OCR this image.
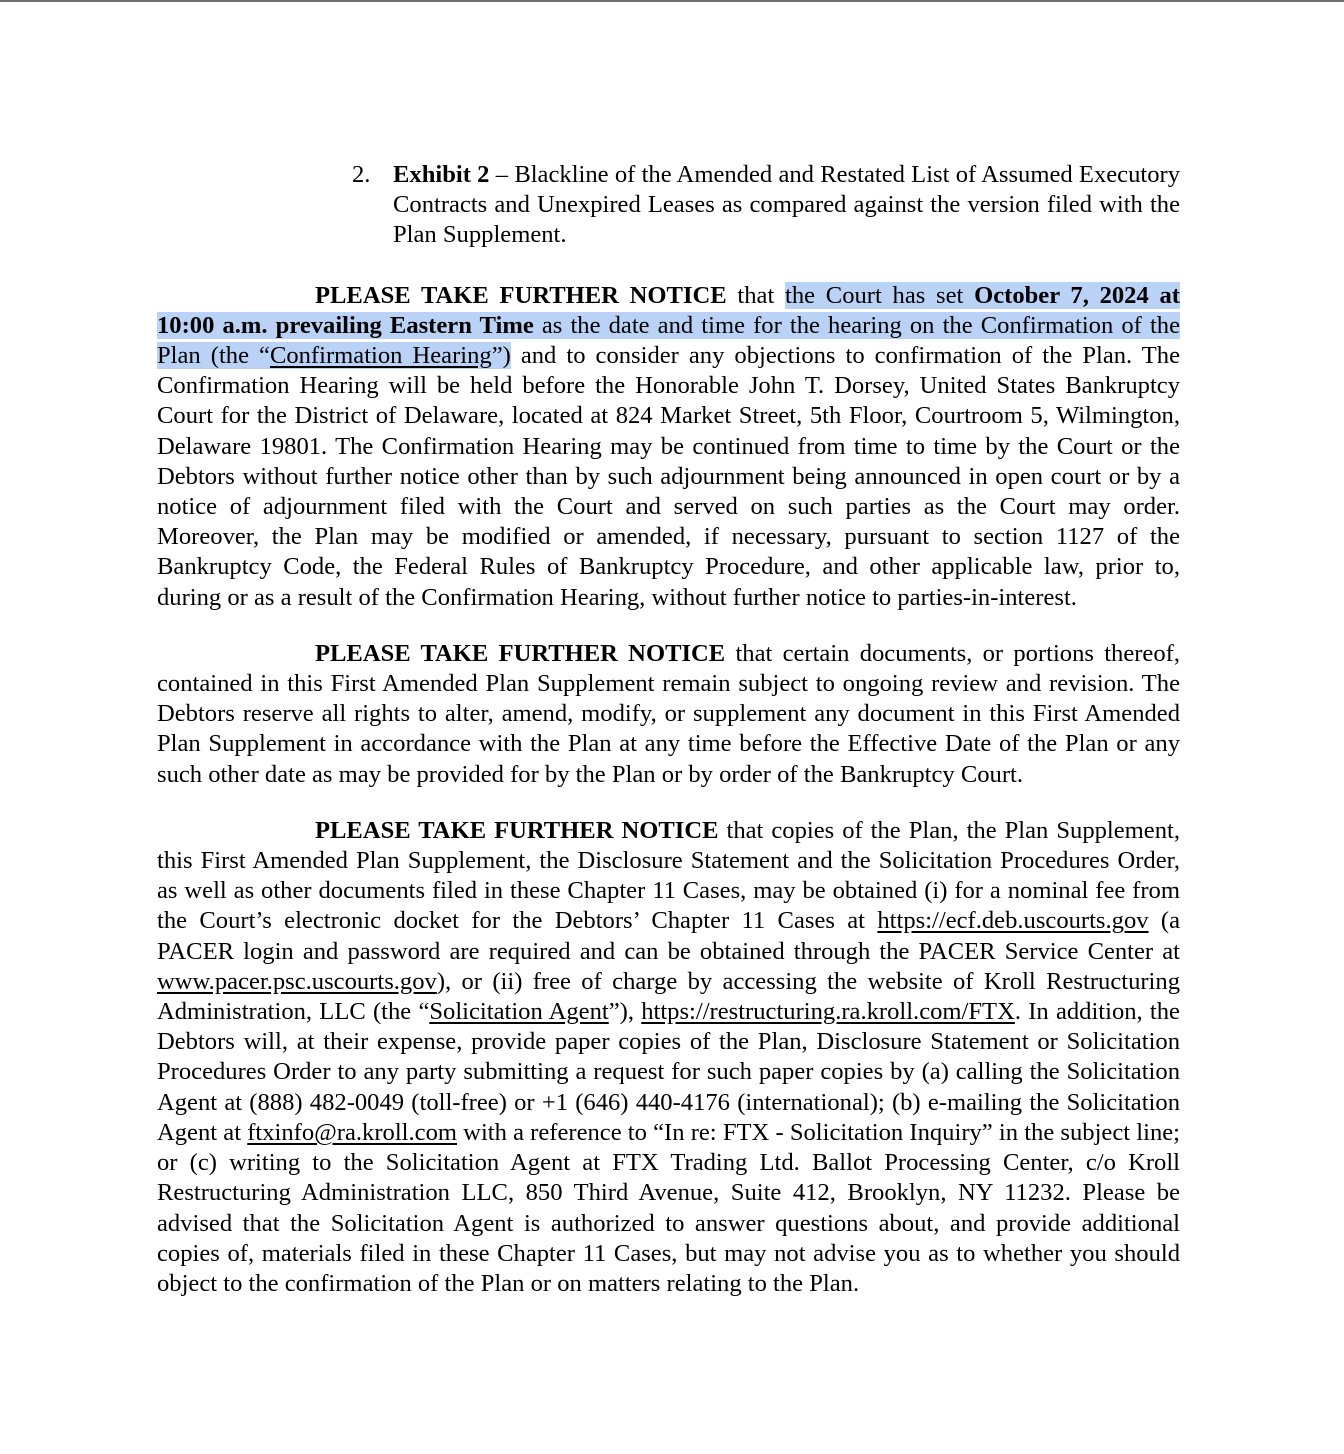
2. Exhibit 2 – Blackline of the Amended and Restated List of Assumed Executory Contracts and Unexpired Leases as compared against the version filed with the Plan Supplement.

PLEASE TAKE FURTHER NOTICE that the Court has set October 7, 2024 at 10:00 a.m. prevailing Eastern Time as the date and time for the hearing on the Confirmation of the Plan (the “Confirmation Hearing”) and to consider any objections to confirmation of the Plan. The Confirmation Hearing will be held before the Honorable John T. Dorsey, United States Bankruptcy Court for the District of Delaware, located at 824 Market Street, 5th Floor, Courtroom 5, Wilmington, Delaware 19801. The Confirmation Hearing may be continued from time to time by the Court or the Debtors without further notice other than by such adjournment being announced in open court or by a notice of adjournment filed with the Court and served on such parties as the Court may order. Moreover, the Plan may be modified or amended, if necessary, pursuant to section 1127 of the Bankruptcy Code, the Federal Rules of Bankruptcy Procedure, and other applicable law, prior to, during or as a result of the Confirmation Hearing, without further notice to parties-in-interest.

PLEASE TAKE FURTHER NOTICE that certain documents, or portions thereof, contained in this First Amended Plan Supplement remain subject to ongoing review and revision. The Debtors reserve all rights to alter, amend, modify, or supplement any document in this First Amended Plan Supplement in accordance with the Plan at any time before the Effective Date of the Plan or any such other date as may be provided for by the Plan or by order of the Bankruptcy Court.

PLEASE TAKE FURTHER NOTICE that copies of the Plan, the Plan Supplement, this First Amended Plan Supplement, the Disclosure Statement and the Solicitation Procedures Order, as well as other documents filed in these Chapter 11 Cases, may be obtained (i) for a nominal fee from the Court’s electronic docket for the Debtors’ Chapter 11 Cases at https://ecf.deb.uscourts.gov (a PACER login and password are required and can be obtained through the PACER Service Center at www.pacer.psc.uscourts.gov), or (ii) free of charge by accessing the website of Kroll Restructuring Administration, LLC (the “Solicitation Agent”), https://restructuring.ra.kroll.com/FTX. In addition, the Debtors will, at their expense, provide paper copies of the Plan, Disclosure Statement or Solicitation Procedures Order to any party submitting a request for such paper copies by (a) calling the Solicitation Agent at (888) 482-0049 (toll-free) or +1 (646) 440-4176 (international); (b) e-mailing the Solicitation Agent at ftxinfo@ra.kroll.com with a reference to “In re: FTX - Solicitation Inquiry” in the subject line; or (c) writing to the Solicitation Agent at FTX Trading Ltd. Ballot Processing Center, c/o Kroll Restructuring Administration LLC, 850 Third Avenue, Suite 412, Brooklyn, NY 11232. Please be advised that the Solicitation Agent is authorized to answer questions about, and provide additional copies of, materials filed in these Chapter 11 Cases, but may not advise you as to whether you should object to the confirmation of the Plan or on matters relating to the Plan.
